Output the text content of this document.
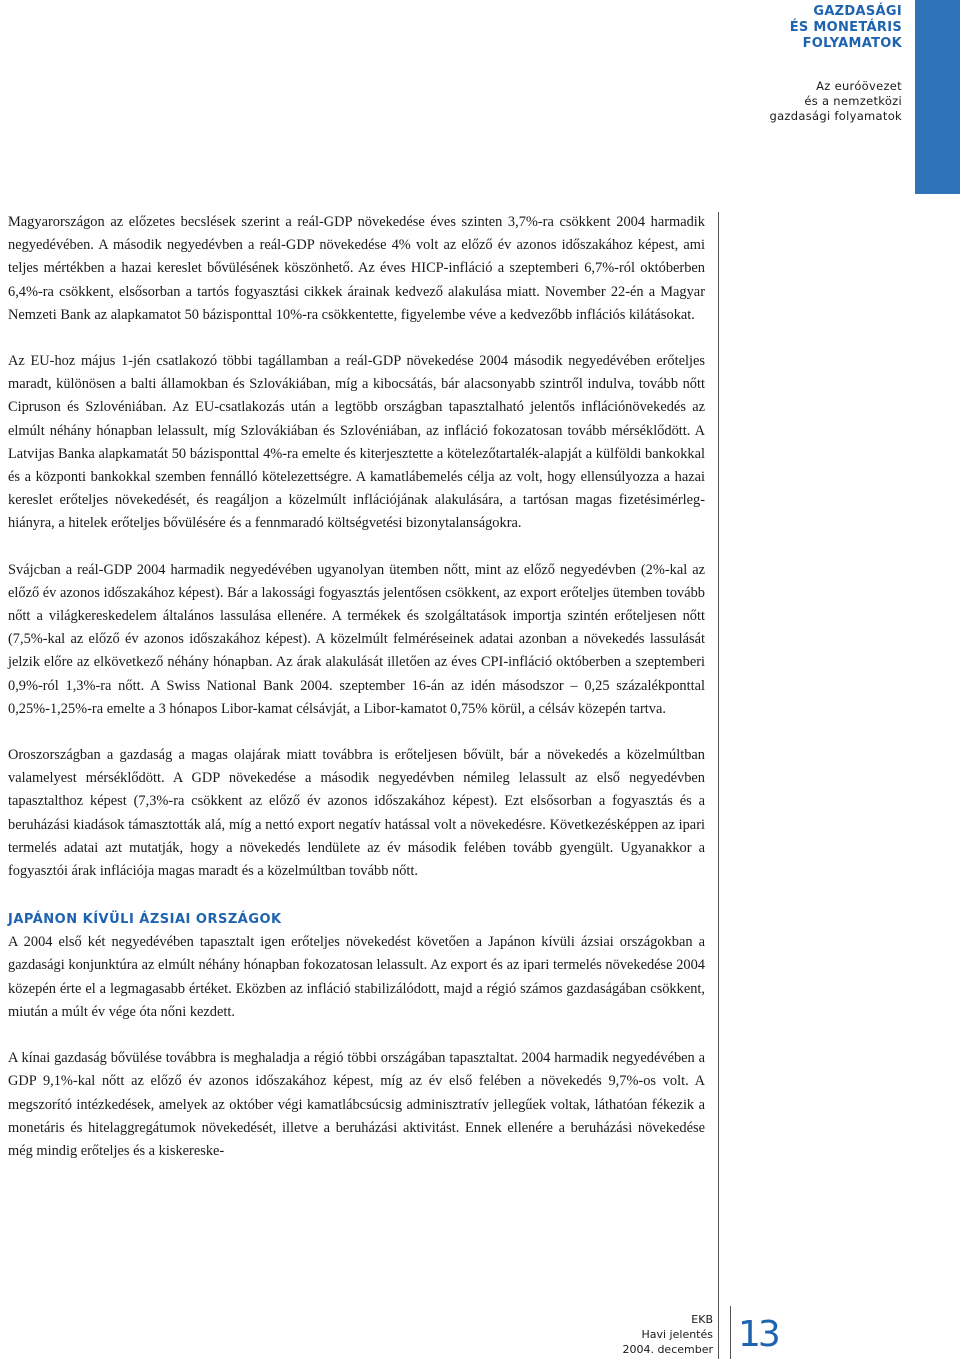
GAZDASÁGI
ÉS MONETÁRIS
FOLYAMATOK
Az euróövezet
és a nemzetközi
gazdasági folyamatok

Magyarországon az előzetes becslések szerint a reál-GDP növekedése éves szinten 3,7%-ra csökkent 2004 harmadik negyedévében. A második negyedévben a reál-GDP növekedése 4% volt az előző év azonos időszakához képest, ami teljes mértékben a hazai kereslet bővülésének köszönhető. Az éves HICP-infláció a szeptemberi 6,7%-ról októberben 6,4%-ra csökkent, elsősorban a tartós fogyasztási cikkek árainak kedvező alakulása miatt. November 22-én a Magyar Nemzeti Bank az alapkamatot 50 bázisponttal 10%-ra csökkentette, figyelembe véve a kedvezőbb inflációs kilátásokat.

Az EU-hoz május 1-jén csatlakozó többi tagállamban a reál-GDP növekedése 2004 második negyedévében erőteljes maradt, különösen a balti államokban és Szlovákiában, míg a kibocsátás, bár alacsonyabb szintről indulva, tovább nőtt Cipruson és Szlovéniában. Az EU-csatlakozás után a legtöbb országban tapasztalható jelentős inflációnövekedés az elmúlt néhány hónapban lelassult, míg Szlovákiában és Szlovéniában, az infláció fokozatosan tovább mérséklődött. A Latvijas Banka alapkamatát 50 bázisponttal 4%-ra emelte és kiterjesztette a kötelezőtartalék-alapját a külföldi bankokkal és a központi bankokkal szemben fennálló kötelezettségre. A kamatlábemelés célja az volt, hogy ellensúlyozza a hazai kereslet erőteljes növekedését, és reagáljon a közelmúlt inflációjának alakulására, a tartósan magas fizetésimérleg-hiányra, a hitelek erőteljes bővülésére és a fennmaradó költségvetési bizonytalanságokra.

Svájcban a reál-GDP 2004 harmadik negyedévében ugyanolyan ütemben nőtt, mint az előző negyedévben (2%-kal az előző év azonos időszakához képest). Bár a lakossági fogyasztás jelentősen csökkent, az export erőteljes ütemben tovább nőtt a világkereskedelem általános lassulása ellenére. A termékek és szolgáltatások importja szintén erőteljesen nőtt (7,5%-kal az előző év azonos időszakához képest). A közelmúlt felméréseinek adatai azonban a növekedés lassulását jelzik előre az elkövetkező néhány hónapban. Az árak alakulását illetően az éves CPI-infláció októberben a szeptemberi 0,9%-ról 1,3%-ra nőtt. A Swiss National Bank 2004. szeptember 16-án az idén másodszor – 0,25 százalékponttal 0,25%-1,25%-ra emelte a 3 hónapos Libor-kamat célsávját, a Libor-kamatot 0,75% körül, a célsáv közepén tartva.

Oroszországban a gazdaság a magas olajárak miatt továbbra is erőteljesen bővült, bár a növekedés a közelmúltban valamelyest mérséklődött. A GDP növekedése a második negyedévben némileg lelassult az első negyedévben tapasztalthoz képest (7,3%-ra csökkent az előző év azonos időszakához képest). Ezt elsősorban a fogyasztás és a beruházási kiadások támasztották alá, míg a nettó export negatív hatással volt a növekedésre. Következésképpen az ipari termelés adatai azt mutatják, hogy a növekedés lendülete az év második felében tovább gyengült. Ugyanakkor a fogyasztói árak inflációja magas maradt és a közelmúltban tovább nőtt.

JAPÁNON KÍVÜLI ÁZSIAI ORSZÁGOK

A 2004 első két negyedévében tapasztalt igen erőteljes növekedést követően a Japánon kívüli ázsiai országokban a gazdasági konjunktúra az elmúlt néhány hónapban fokozatosan lelassult. Az export és az ipari termelés növekedése 2004 közepén érte el a legmagasabb értéket. Eközben az infláció stabilizálódott, majd a régió számos gazdaságában csökkent, miután a múlt év vége óta nőni kezdett.

A kínai gazdaság bővülése továbbra is meghaladja a régió többi országában tapasztaltat. 2004 harmadik negyedévében a GDP 9,1%-kal nőtt az előző év azonos időszakához képest, míg az év első felében a növekedés 9,7%-os volt. A megszorító intézkedések, amelyek az október végi kamatlábcsúcsig adminisztratív jellegűek voltak, láthatóan fékezik a monetáris és hitelaggregátumok növekedését, illetve a beruházási aktivitást. Ennek ellenére a beruházási növekedése még mindig erőteljes és a kiskereske-

EKB
Havi jelentés
2004. december 13
